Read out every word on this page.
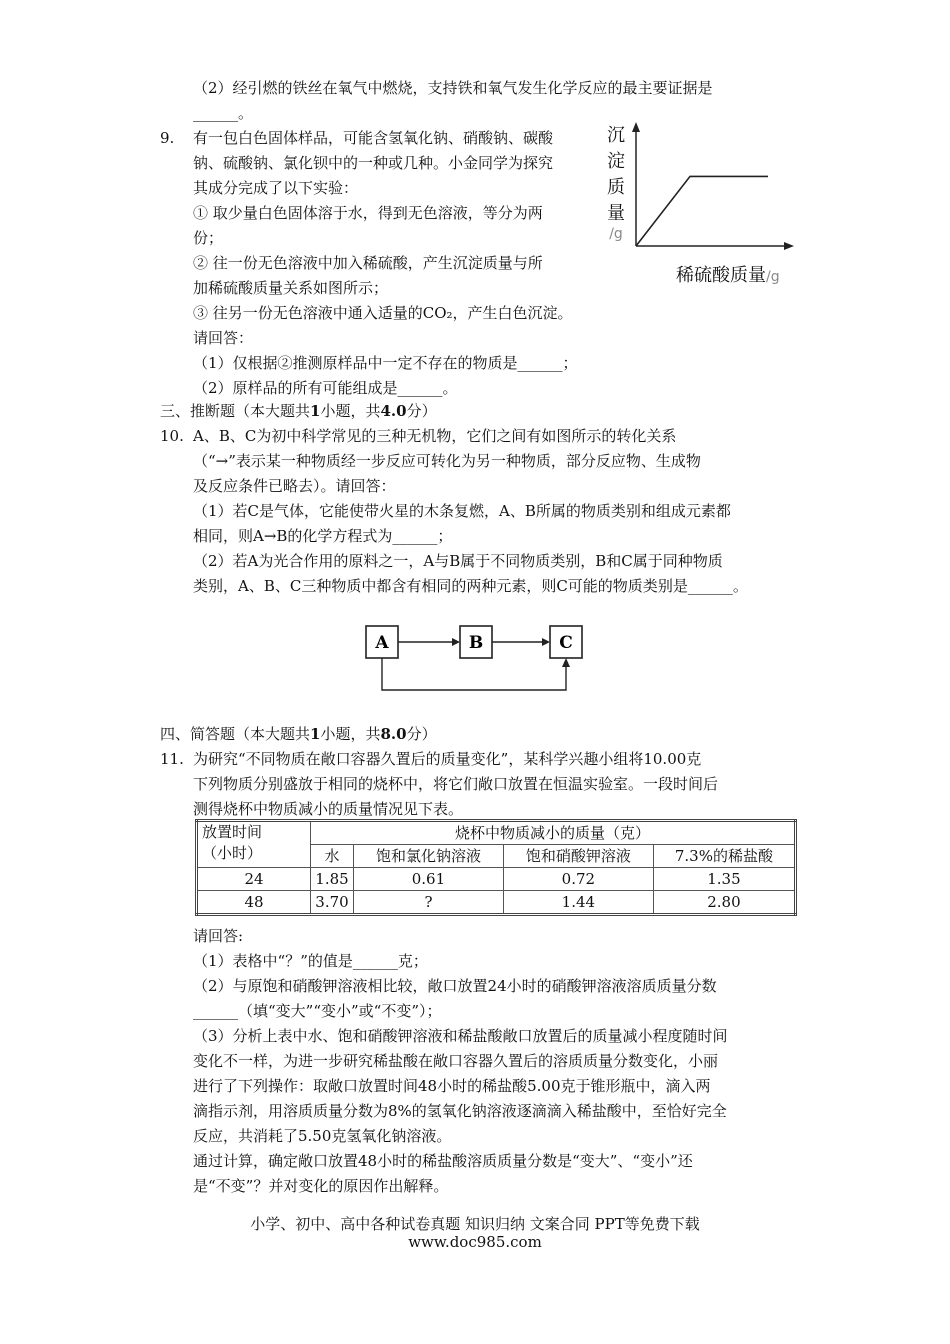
（2）经引燃的铁丝在氧气中燃烧，支持铁和氧气发生化学反应的最主要证据是
______。
9. 有一包白色固体样品，可能含氢氧化钠、硝酸钠、碳酸
钠、硫酸钠、氯化钡中的一种或几种。小金同学为探究
其成分完成了以下实验：
① 取少量白色固体溶于水，得到无色溶液，等分为两
份；
② 往一份无色溶液中加入稀硫酸，产生沉淀质量与所
加稀硫酸质量关系如图所示；
③ 往另一份无色溶液中通入适量的CO₂，产生白色沉淀。
请回答：
（1）仅根据②推测原样品中一定不存在的物质是______；
（2）原样品的所有可能组成是______。
沉
淀
质
量
/g
稀硫酸质量/g
三、推断题（本大题共1小题，共4.0分）
10. A、B、C为初中科学常见的三种无机物，它们之间有如图所示的转化关系
（“→”表示某一种物质经一步反应可转化为另一种物质，部分反应物、生成物
及反应条件已略去）。请回答：
（1）若C是气体，它能使带火星的木条复燃，A、B所属的物质类别和组成元素都
相同，则A→B的化学方程式为______；
（2）若A为光合作用的原料之一，A与B属于不同物质类别，B和C属于同种物质
类别，A、B、C三种物质中都含有相同的两种元素，则C可能的物质类别是______。
A	B	C
四、简答题（本大题共1小题，共8.0分）
11. 为研究“不同物质在敞口容器久置后的质量变化”，某科学兴趣小组将10.00克
下列物质分别盛放于相同的烧杯中，将它们敞口放置在恒温实验室。一段时间后
测得烧杯中物质减小的质量情况见下表。
放置时间
（小时）	烧杯中物质减小的质量（克）			
	水	饱和氯化钠溶液	饱和硝酸钾溶液	7.3%的稀盐酸
24	1.85	0.61	0.72	1.35
48	3.70	?	1.44	2.80
请回答:
（1）表格中“？”的值是______克；
（2）与原饱和硝酸钾溶液相比较，敞口放置24小时的硝酸钾溶液溶质质量分数
______（填“变大”“变小”或“不变”）；
（3）分析上表中水、饱和硝酸钾溶液和稀盐酸敞口放置后的质量减小程度随时间
变化不一样，为进一步研究稀盐酸在敞口容器久置后的溶质质量分数变化，小丽
进行了下列操作：取敞口放置时间48小时的稀盐酸5.00克于锥形瓶中，滴入两
滴指示剂，用溶质质量分数为8%的氢氧化钠溶液逐滴滴入稀盐酸中，至恰好完全
反应，共消耗了5.50克氢氧化钠溶液。
通过计算，确定敞口放置48小时的稀盐酸溶质质量分数是“变大”、“变小”还
是“不变”？并对变化的原因作出解释。
小学、初中、高中各种试卷真题 知识归纳 文案合同 PPT等免费下载
www.doc985.com
